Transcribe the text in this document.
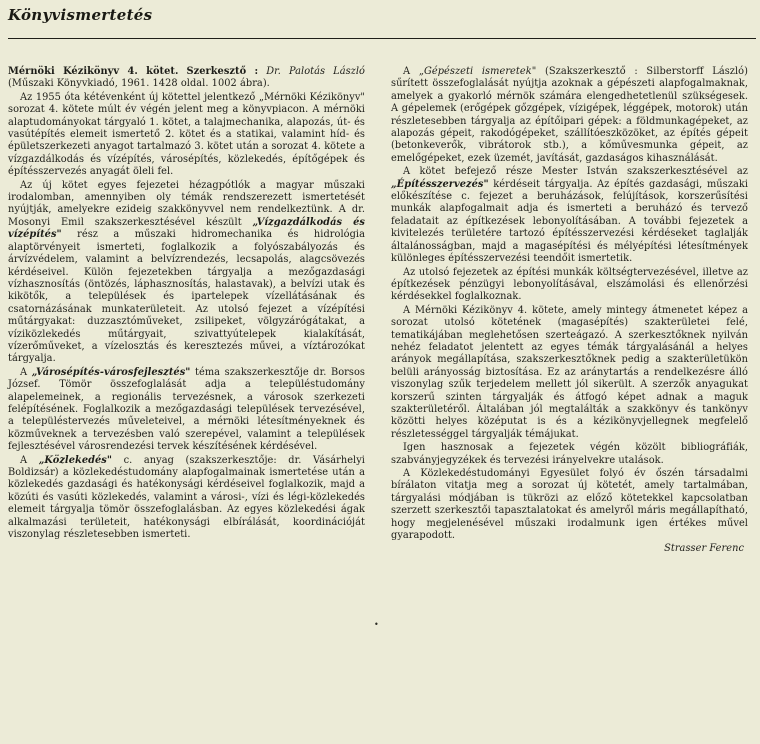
Könyvismertetés

Mérnöki Kézikönyv 4. kötet. Szerkesztő : Dr. Palotás László (Műszaki Könyvkiadó, 1961. 1428 oldal. 1002 ábra).

Az 1955 óta kétévenként új kötettel jelentkező „Mérnöki Kézikönyv" sorozat 4. kötete múlt év végén jelent meg a könyvpiacon. A mérnöki alaptudományokat tárgyaló 1. kötet, a talajmechanika, alapozás, út- és vasútépítés elemeit ismertető 2. kötet és a statikai, valamint híd- és épületszerkezeti anyagot tartalmazó 3. kötet után a sorozat 4. kötete a vízgazdálkodás és vízépítés, városépítés, közlekedés, építőgépek és építésszervezés anyagát öleli fel.

Az új kötet egyes fejezetei hézagpótlók a magyar műszaki irodalomban, amennyiben oly témák rendszerezett ismertetését nyújtják, amelyekre ezideig szakkönyvvel nem rendelkeztünk. A dr. Mosonyi Emil szakszerkesztésével készült „Vízgazdálkodás és vízépítés" rész a műszaki hidromechanika és hidrológia alaptörvényeit ismerteti, foglalkozik a folyószabályozás és árvízvédelem, valamint a belvízrendezés, lecsapolás, alagcsövezés kérdéseivel. Külön fejezetekben tárgyalja a mezőgazdasági vízhasznosítás (öntözés, láphasznosítás, halastavak), a belvízi utak és kikötők, a települések és ipartelepek vízellátásának és csatornázásának munkaterületeit. Az utolsó fejezet a vízépítési műtárgyakat: duzzasztóműveket, zsilipeket, völgyzárógátakat, a víziközlekedés műtárgyait, szivattyútelepek kialakítását, vízerőműveket, a vízelosztás és keresztezés művei, a víztározókat tárgyalja.

A „Városépítés-városfejlesztés" téma szakszerkesztője dr. Borsos József. Tömör összefoglalását adja a településtudomány alapelemeinek, a regionális tervezésnek, a városok szerkezeti felépítésének. Foglalkozik a mezőgazdasági települések tervezésével, a településtervezés műveleteivel, a mérnöki létesítményeknek és közműveknek a tervezésben való szerepével, valamint a települések fejlesztésével városrendezési tervek készítésének kérdésével.

A „Közlekedés" c. anyag (szakszerkesztője: dr. Vásárhelyi Boldizsár) a közlekedéstudomány alapfogalmainak ismertetése után a közlekedés gazdasági és hatékonysági kérdéseivel foglalkozik, majd a közúti és vasúti közlekedés, valamint a városi-, vízi és légi-közlekedés elemeit tárgyalja tömör összefoglalásban. Az egyes közlekedési ágak alkalmazási területeit, hatékonysági elbírálását, koordinációját viszonylag részletesebben ismerteti.

A „Gépészeti ismeretek" (Szakszerkesztő : Silberstorff László) sűrített összefoglalását nyújtja azoknak a gépészeti alapfogalmaknak, amelyek a gyakorló mérnök számára elengedhetetlenül szükségesek. A gépelemek (erőgépek gőzgépek, vízigépek, léggépek, motorok) után részletesebben tárgyalja az építőipari gépek: a földmunkagépeket, az alapozás gépeit, rakodógépeket, szállítóeszközöket, az építés gépeit (betonkeverők, vibrátorok stb.), a kőművesmunka gépeit, az emelőgépeket, ezek üzemét, javítását, gazdaságos kihasználását.

A kötet befejező része Mester István szakszerkesztésével az „Építésszervezés" kérdéseit tárgyalja. Az építés gazdasági, műszaki előkészítése c. fejezet a beruházások, felújítások, korszerűsítési munkák alapfogalmait adja és ismerteti a beruházó és tervező feladatait az építkezések lebonyolításában. A további fejezetek a kivitelezés területére tartozó építésszervezési kérdéseket taglalják általánosságban, majd a magasépítési és mélyépítési létesítmények különleges építésszervezési teendőit ismertetik.

Az utolsó fejezetek az építési munkák költségtervezésével, illetve az építkezések pénzügyi lebonyolításával, elszámolási és ellenőrzési kérdésekkel foglalkoznak.

A Mérnöki Kézikönyv 4. kötete, amely mintegy átmenetet képez a sorozat utolsó kötetének (magasépítés) szakterületei felé, tematikájában meglehetősen szerteágazó. A szerkesztőknek nyilván nehéz feladatot jelentett az egyes témák tárgyalásánál a helyes arányok megállapítása, szakszerkesztőknek pedig a szakterületükön belüli arányosság biztosítása. Ez az aránytartás a rendelkezésre álló viszonylag szűk terjedelem mellett jól sikerült. A szerzők anyagukat korszerű szinten tárgyalják és átfogó képet adnak a maguk szakterületéről. Általában jól megtalálták a szakkönyv és tankönyv közötti helyes középutat is és a kézikönyvjellegnek megfelelő részletességgel tárgyalják témájukat.

Igen hasznosak a fejezetek végén közölt bibliográfiák, szabványjegyzékek és tervezési irányelvekre utalások.

A Közlekedéstudományi Egyesület folyó év őszén társadalmi bírálaton vitatja meg a sorozat új kötetét, amely tartalmában, tárgyalási módjában is tükrözi az előző kötetekkel kapcsolatban szerzett szerkesztői tapasztalatokat és amelyről máris megállapítható, hogy megjelenésével műszaki irodalmunk igen értékes művel gyarapodott.

Strasser Ferenc
•
